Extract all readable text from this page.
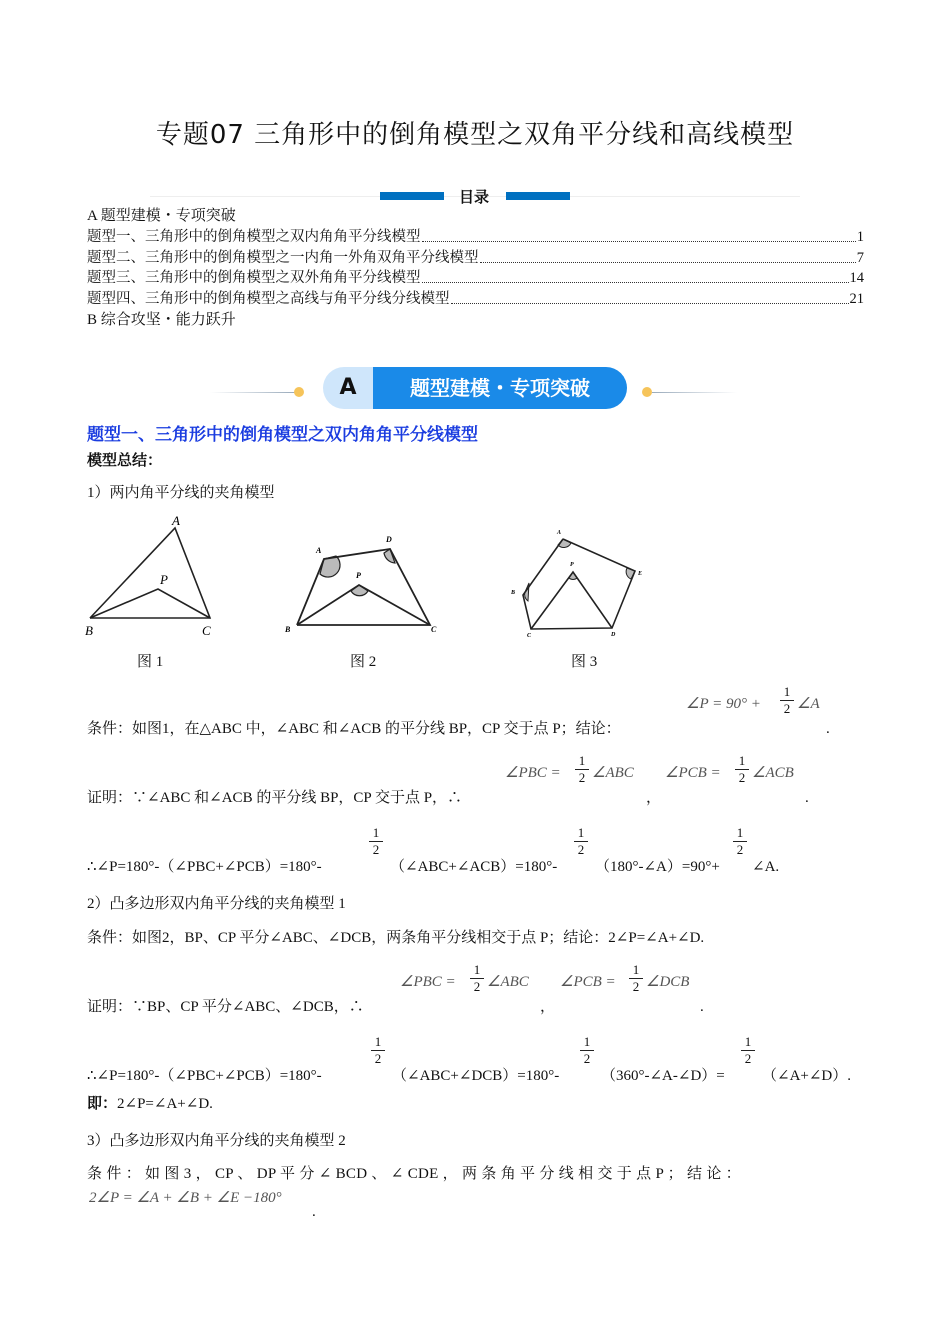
专题07 三角形中的倒角模型之双角平分线和高线模型
目录
A 题型建模・专项突破
题型一、三角形中的倒角模型之双内角角平分线模型	1
题型二、三角形中的倒角模型之一内角一外角双角平分线模型	7
题型三、三角形中的倒角模型之双外角角平分线模型	14
题型四、三角形中的倒角模型之高线与角平分线分线模型	21
B 综合攻坚・能力跃升
A	题型建模・专项突破
题型一、三角形中的倒角模型之双内角角平分线模型
模型总结：
1）两内角平分线的夹角模型
A
P
B	C
A
D
P
B	C
A
P
E
B
C	D
图 1	图 2	图 3
∠P = 90° +
1
2 ∠A
条件：如图1，在△ABC 中，∠ABC 和∠ACB 的平分线 BP，CP 交于点 P；结论：	.
∠PBC =
1
2 ∠ABC ∠PCB =
1
2 ∠ACB
证明：∵∠ABC 和∠ACB 的平分线 BP，CP 交于点 P，∴	，	.
1
2
1
2
1
2
∴∠P=180°-（∠PBC+∠PCB）=180°-	（∠ABC+∠ACB）=180°-	（180°-∠A）=90°+ ∠A.
2）凸多边形双内角平分线的夹角模型 1
条件：如图2，BP、CP 平分∠ABC、∠DCB，两条角平分线相交于点 P；结论：2∠P=∠A+∠D.
∠PBC =
1
2 ∠ABC ∠PCB =
1
2 ∠DCB
证明：∵BP、CP 平分∠ABC、∠DCB，∴	，	.
1
2
1
2
1
2
∴∠P=180°-（∠PBC+∠PCB）=180°-	（∠ABC+∠DCB）=180°-	（360°-∠A-∠D）= （∠A+∠D）.
即：2∠P=∠A+∠D.
3）凸多边形双内角平分线的夹角模型 2
条 件 ： 如 图 3 ， CP 、 DP 平 分 ∠ BCD 、 ∠ CDE ， 两 条 角 平 分 线 相 交 于 点 P ； 结 论 ：
2∠P = ∠A + ∠B + ∠E −180°
.
